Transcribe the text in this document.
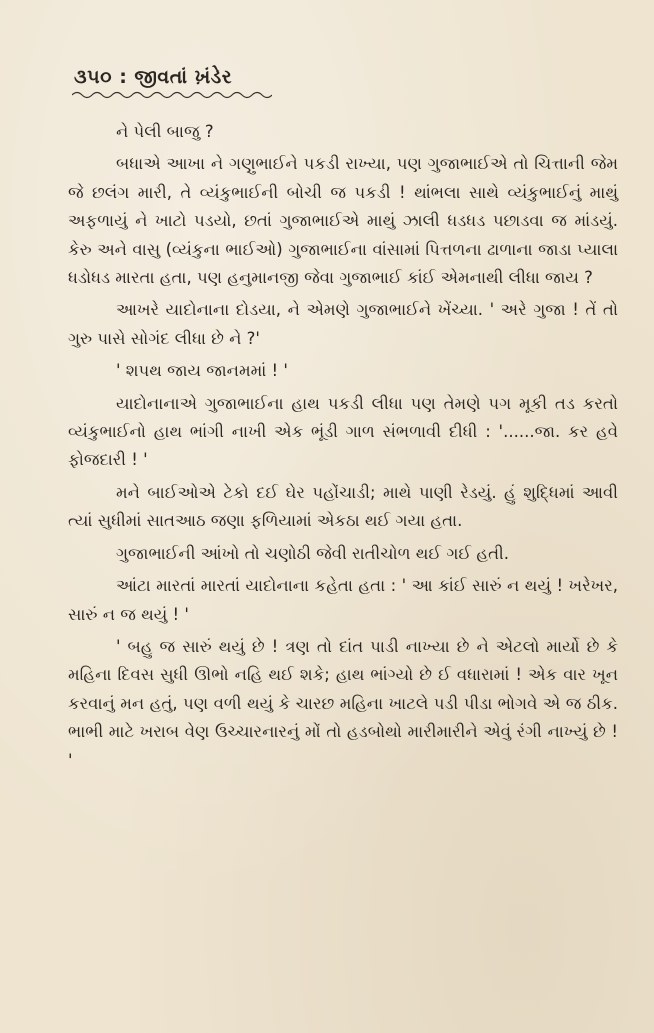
૩૫૦ : જીવતાં ખ઼ંડેર

ને પેલી બાજુ ?

બધાએ આખા ને ગણુભાઈને પકડી રાખ્યા, પણ ગુજાભાઈએ તો ચિત્તાની જેમ જે છલંગ મારી, તે વ્યંકુભાઈની બોચી જ પકડી ! થાંભલા સાથે વ્યંકુભાઈનું માથું અફળાયું ને ખાટો પડયો, છતાં ગુજાભાઈએ માથું ઝાલી ધડધડ પછાડવા જ માંડયું. કેરુ અને વાસુ (વ્યંકુના ભાઈઓ) ગુજાભાઈના વાંસામાં પિત્તળના ઢાળાના જાડા પ્યાલા ધડોધડ મારતા હતા, પણ હનુમાનજી જેવા ગુજાભાઈ કાંઈ એમનાથી લીધા જાય ?

આખરે યાદોનાના દોડયા, ને એમણે ગુજાભાઈને ખેંચ્યા. ' અરે ગુજા ! તેં તો ગુરુ પાસે સોગંદ લીધા છે ને ?'

' શપથ જાય જાનમમાં ! '

યાદોનાનાએ ગુજાભાઈના હાથ પકડી લીધા પણ તેમણે પગ મૂકી તડ કરતો વ્યંકુભાઈનો હાથ ભાંગી નાખી એક ભૂંડી ગાળ સંભળાવી દીધી : '......જા. કર હવે ફોજદારી ! '

મને બાઈઓએ ટેકો દઈ ઘેર પહોંચાડી; માથે પાણી રેડયું. હું શુદ્ધિમાં આવી ત્યાં સુધીમાં સાતઆઠ જણા ફળિયામાં એકઠા થઈ ગયા હતા.

ગુજાભાઈની આંખો તો ચણોઠી જેવી રાતીચોળ થઈ ગઈ હતી.

આંટા મારતાં મારતાં યાદોનાના કહેતા હતા : ' આ કાંઈ સારું ન થયું ! ખરેખર, સારું ન જ થયું ! '

' બહુ જ સારું થયું છે ! ત્રણ તો દાંત પાડી નાખ્યા છે ને એટલો માર્યો છે કે મહિના દિવસ સુધી ઊભો નહિ થઈ શકે; હાથ ભાંગ્યો છે ઈ વધારામાં ! એક વાર ખૂન કરવાનું મન હતું, પણ વળી થયું કે ચારછ મહિના ખાટલે પડી પીડા ભોગવે એ જ ઠીક. ભાભી માટે ખરાબ વેણ ઉચ્ચારનારનું મોં તો હડબોથો મારીમારીને એવું રંગી નાખ્યું છે ! '
